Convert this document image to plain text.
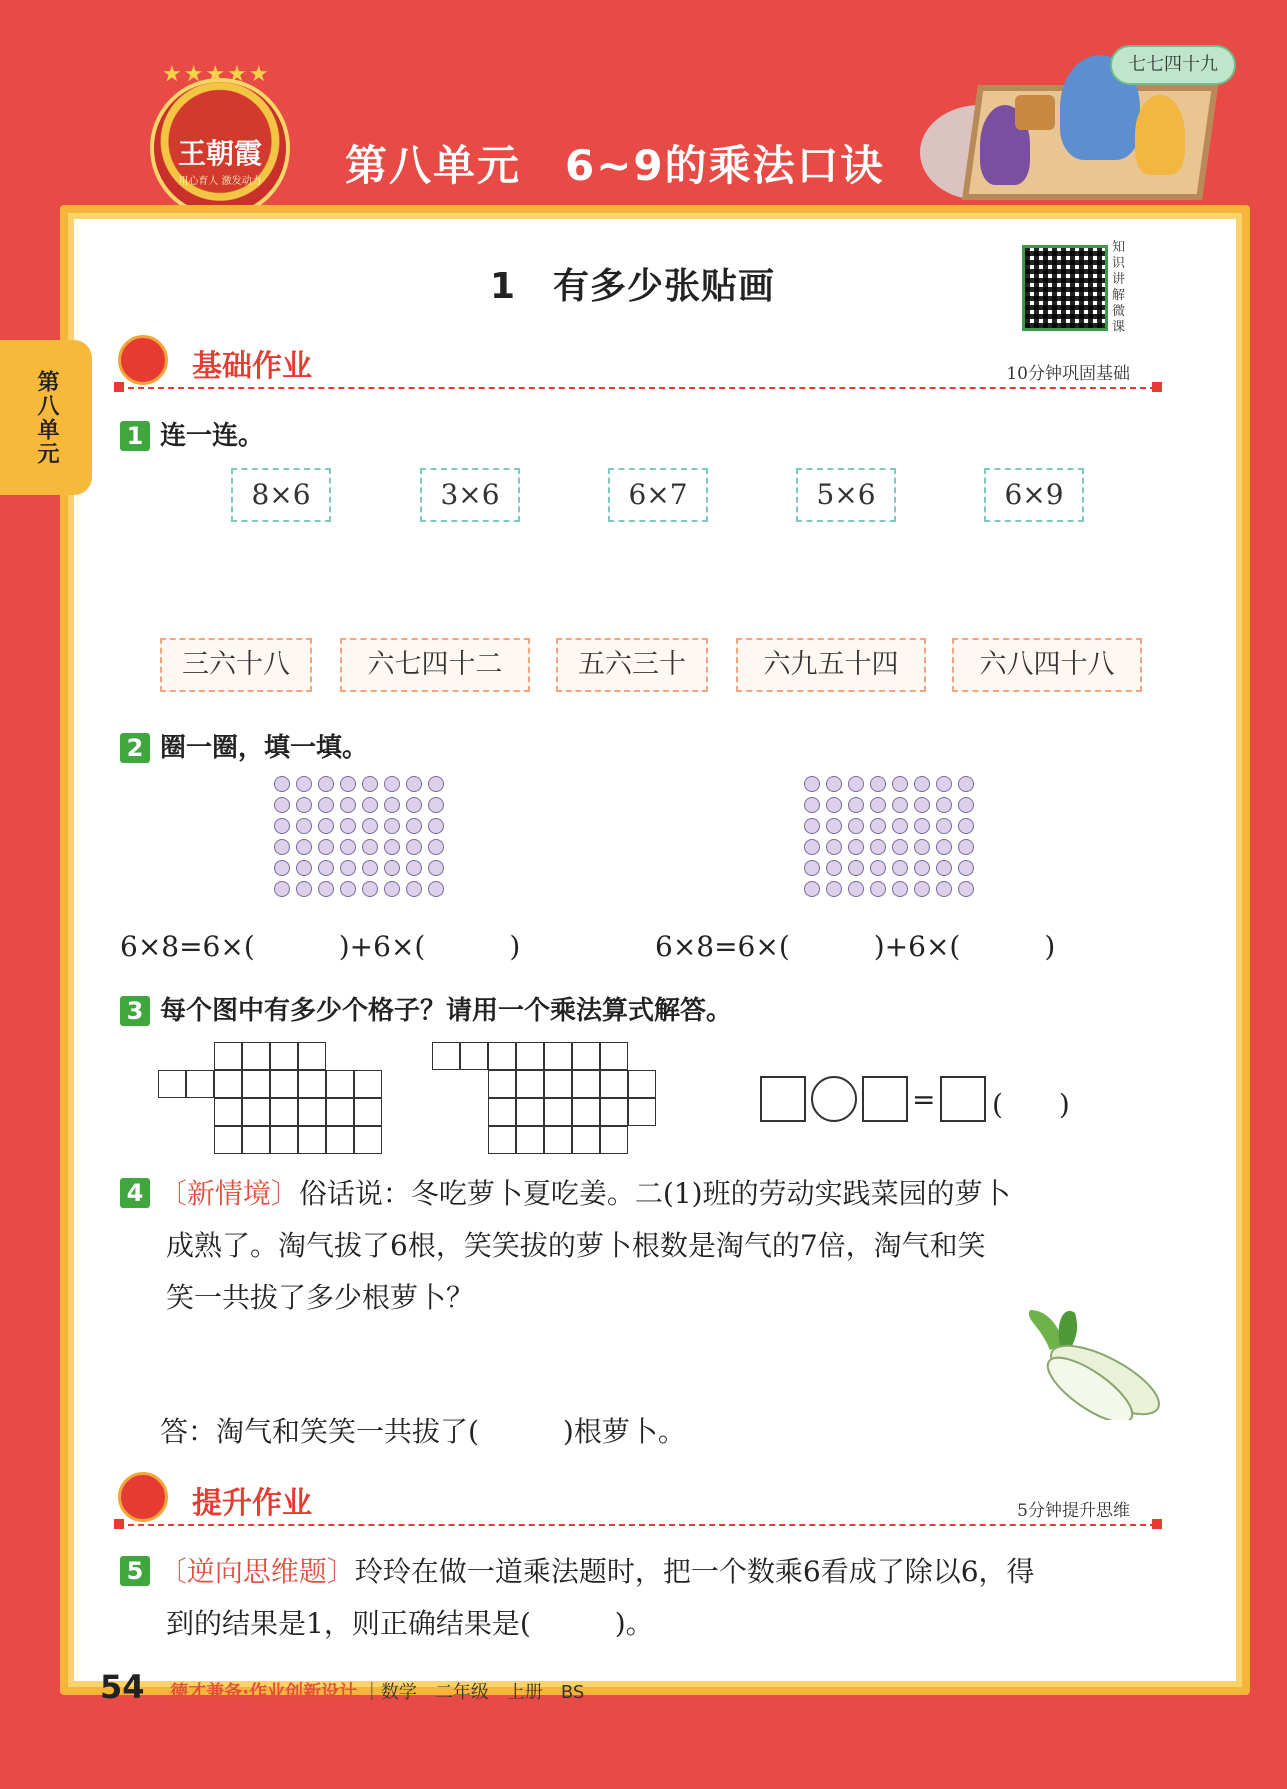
★★★★★
王朝霞
用心育人 激发动力	第八单元　6~9的乘法口诀
七七四十九
第八单元
1　有多少张贴画
知识讲解微课
基础作业	10分钟巩固基础
1 连一连。
8×6	3×6	6×7	5×6	6×9
三六十八	六七四十二	五六三十	六九五十四	六八四十八
2 圈一圈，填一填。
6×8=6×(　　　)+6×(　　　)	6×8=6×(　　　)+6×(　　　)
3 每个图中有多少个格子？请用一个乘法算式解答。
= (　　)
4 〔新情境〕俗话说：冬吃萝卜夏吃姜。二(1)班的劳动实践菜园的萝卜
成熟了。淘气拔了6根，笑笑拔的萝卜根数是淘气的7倍，淘气和笑
笑一共拔了多少根萝卜？
答：淘气和笑笑一共拔了(　　　)根萝卜。
提升作业	5分钟提升思维
5 〔逆向思维题〕玲玲在做一道乘法题时，把一个数乘6看成了除以6，得
到的结果是1，则正确结果是(　　　)。
54 德才兼备·作业创新设计 ｜数学　二年级　上册　BS
